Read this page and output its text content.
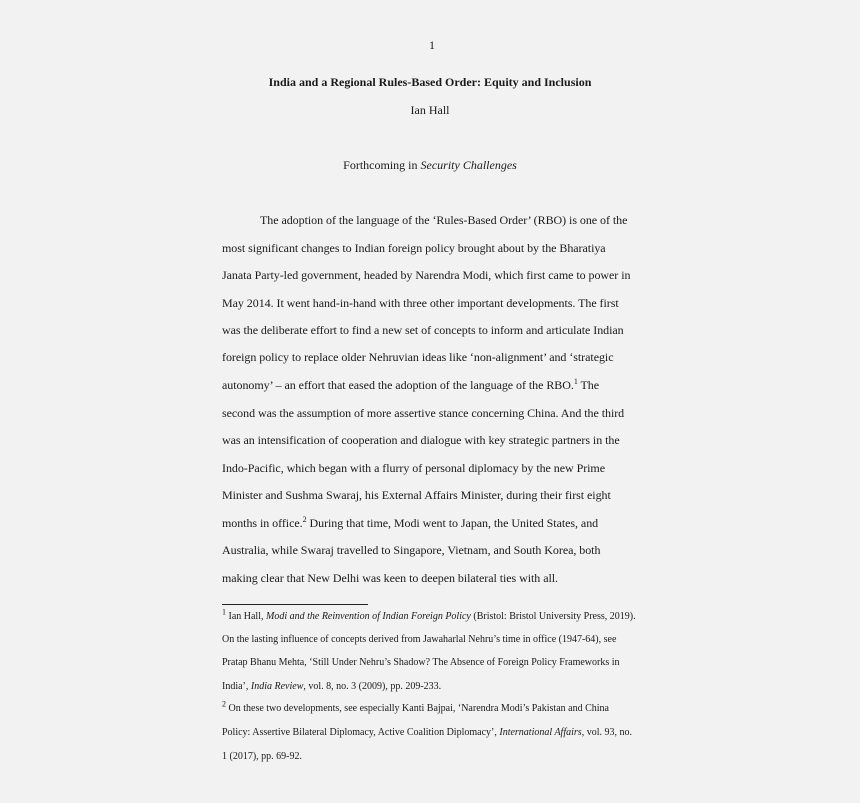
1
India and a Regional Rules-Based Order: Equity and Inclusion
Ian Hall
Forthcoming in Security Challenges
The adoption of the language of the ‘Rules-Based Order’ (RBO) is one of the
most significant changes to Indian foreign policy brought about by the Bharatiya
Janata Party-led government, headed by Narendra Modi, which first came to power in
May 2014. It went hand-in-hand with three other important developments. The first
was the deliberate effort to find a new set of concepts to inform and articulate Indian
foreign policy to replace older Nehruvian ideas like ‘non-alignment’ and ‘strategic
autonomy’ – an effort that eased the adoption of the language of the RBO.$^1$ The
second was the assumption of more assertive stance concerning China. And the third
was an intensification of cooperation and dialogue with key strategic partners in the
Indo-Pacific, which began with a flurry of personal diplomacy by the new Prime
Minister and Sushma Swaraj, his External Affairs Minister, during their first eight
months in office.$^2$ During that time, Modi went to Japan, the United States, and
Australia, while Swaraj travelled to Singapore, Vietnam, and South Korea, both
making clear that New Delhi was keen to deepen bilateral ties with all.
$^1$ Ian Hall, Modi and the Reinvention of Indian Foreign Policy (Bristol: Bristol University Press, 2019).
On the lasting influence of concepts derived from Jawaharlal Nehru’s time in office (1947-64), see
Pratap Bhanu Mehta, ‘Still Under Nehru’s Shadow? The Absence of Foreign Policy Frameworks in
India’, India Review, vol. 8, no. 3 (2009), pp. 209-233.
$^2$ On these two developments, see especially Kanti Bajpai, ‘Narendra Modi’s Pakistan and China
Policy: Assertive Bilateral Diplomacy, Active Coalition Diplomacy’, International Affairs, vol. 93, no.
1 (2017), pp. 69-92.
